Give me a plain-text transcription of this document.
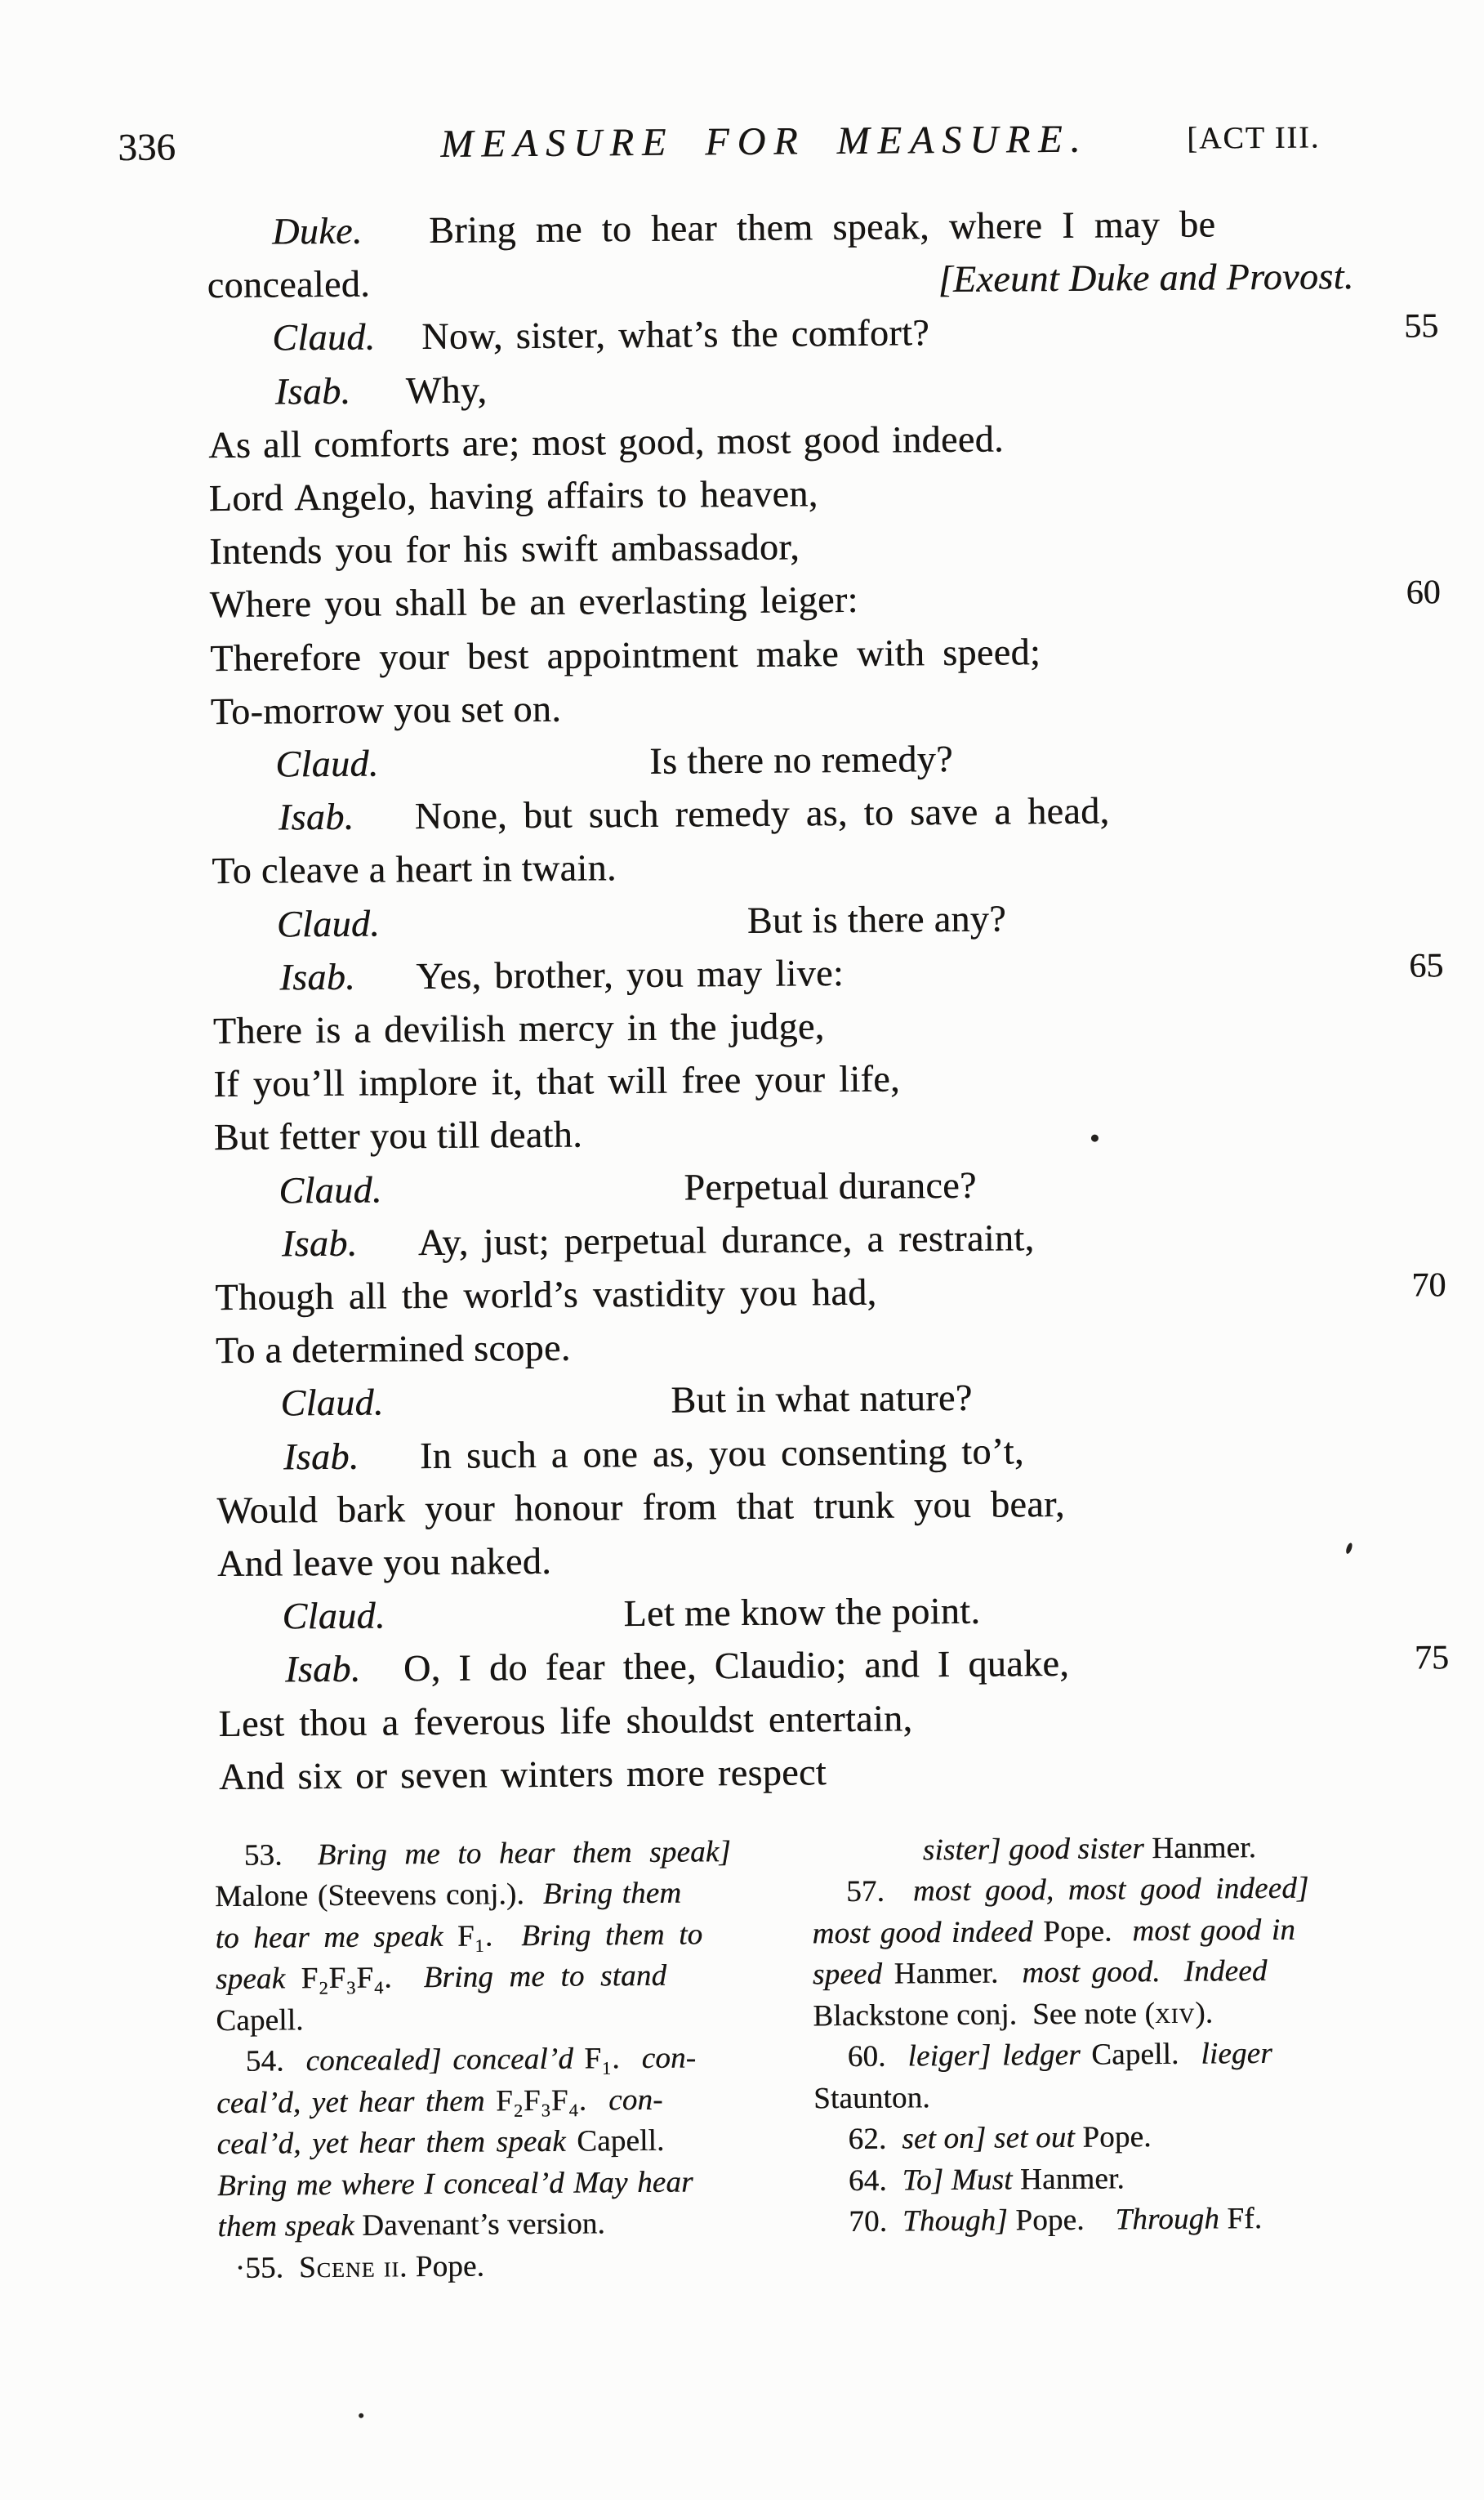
336	MEASURE FOR MEASURE.	[ACT III.
Duke. Bring me to hear them speak, where I may be
concealed.	[Exeunt Duke and Provost.
Claud. Now, sister, what’s the comfort?	55
Isab. Why,
As all comforts are; most good, most good indeed.
Lord Angelo, having affairs to heaven,
Intends you for his swift ambassador,
Where you shall be an everlasting leiger:	60
Therefore your best appointment make with speed;
To-morrow you set on.
Claud.	Is there no remedy?
Isab. None, but such remedy as, to save a head,
To cleave a heart in twain.
Claud.	But is there any?
Isab. Yes, brother, you may live:	65
There is a devilish mercy in the judge,
If you’ll implore it, that will free your life,
But fetter you till death.
Claud.	Perpetual durance?
Isab. Ay, just; perpetual durance, a restraint,
Though all the world’s vastidity you had,	70
To a determined scope.
Claud.	But in what nature?
Isab. In such a one as, you consenting to’t,
Would bark your honour from that trunk you bear,
And leave you naked.
Claud.	Let me know the point.
Isab. O, I do fear thee, Claudio; and I quake,	75
Lest thou a feverous life shouldst entertain,
And six or seven winters more respect
53.  Bring me to hear them speak]
Malone (Steevens conj.).  Bring them
to hear me speak F₁.  Bring them to
speak F₂F₃F₄.  Bring me to stand
Capell.
54.  concealed] conceal’d F₁.  con-
ceal’d, yet hear them F₂F₃F₄.  con-
ceal’d, yet hear them speak Capell.
Bring me where I conceal’d May hear
them speak Davenant’s version.
·55.  Scene ii. Pope.
sister] good sister Hanmer.
57.  most good, most good indeed]
most good indeed Pope.  most good in
speed Hanmer.  most good.  Indeed
Blackstone conj.  See note (xiv).
60.  leiger] ledger Capell.  lieger
Staunton.
62.  set on] set out Pope.
64.  To] Must Hanmer.
70.  Though] Pope.    Through Ff.
